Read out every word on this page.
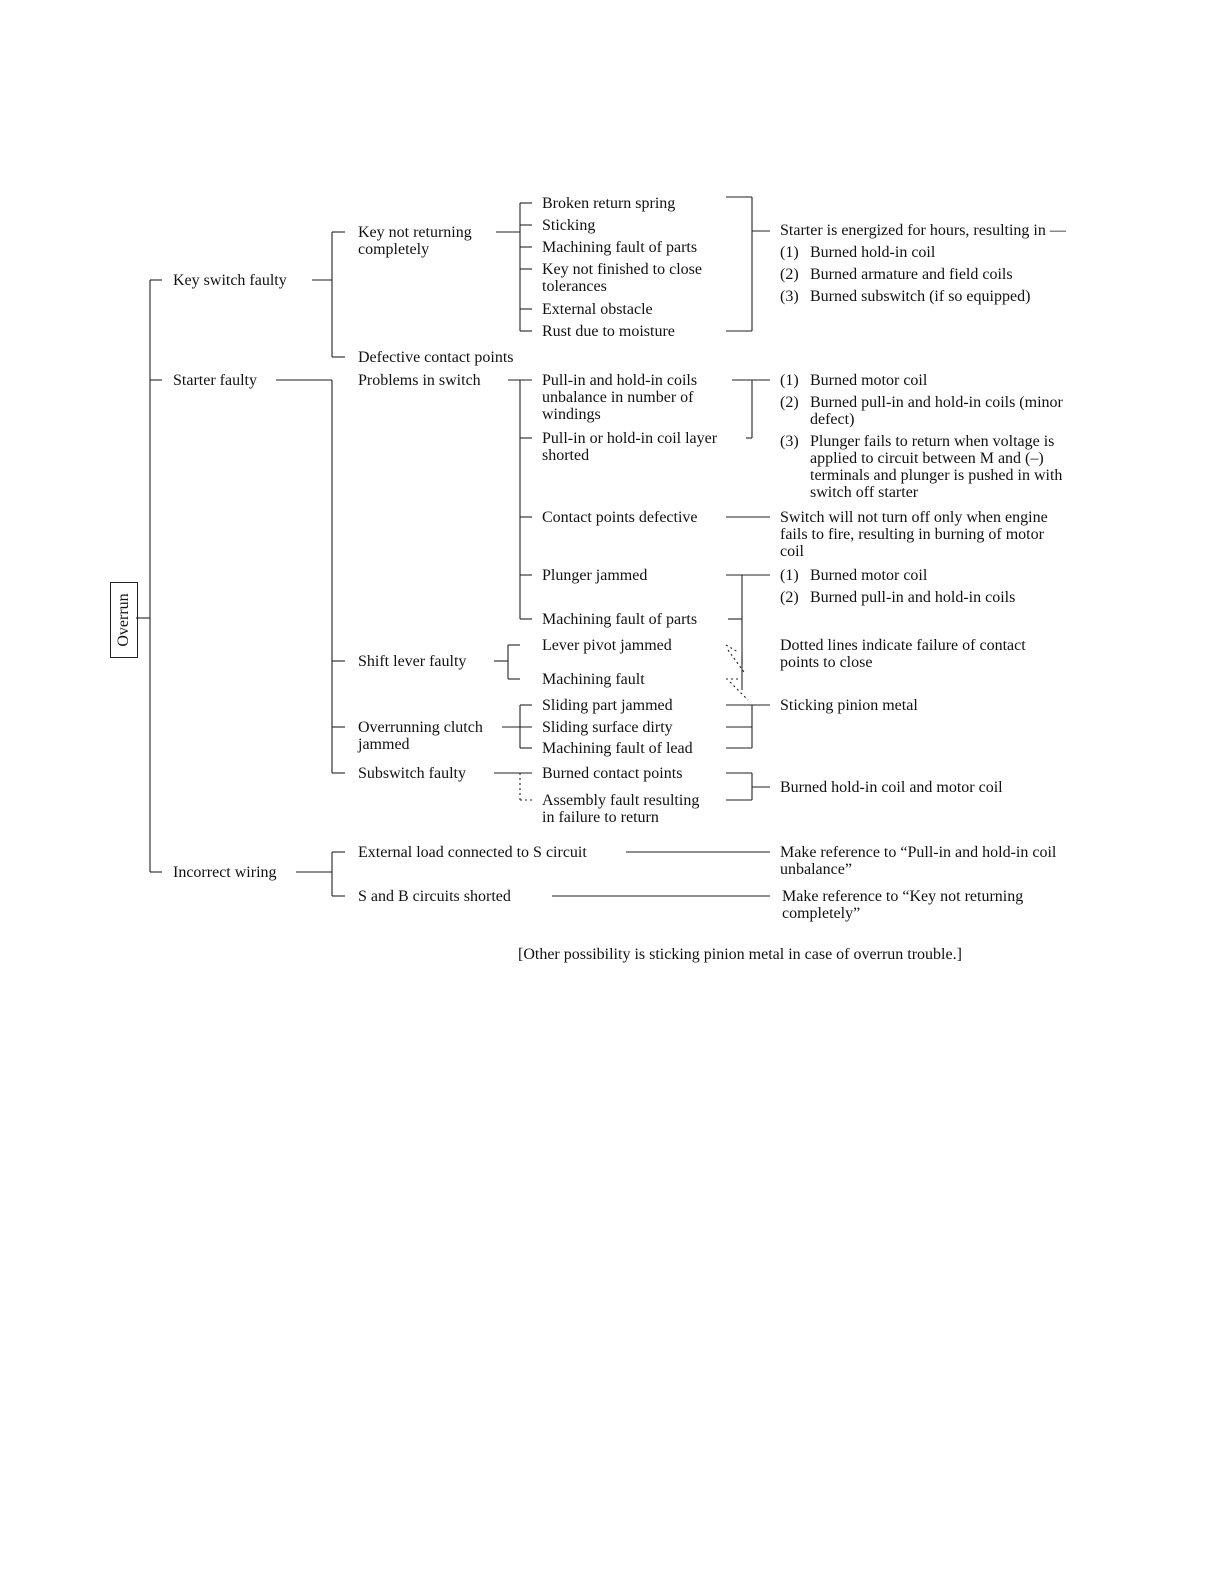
Overrun
Key switch faulty
Starter faulty
Incorrect wiring
Key not returning
completely
Defective contact points
Broken return spring
Sticking
Machining fault of parts
Key not finished to close
tolerances
External obstacle
Rust due to moisture
Starter is energized for hours, resulting in —
(1) Burned hold-in coil
(2) Burned armature and field coils
(3) Burned subswitch (if so equipped)
Problems in switch	Pull-in and hold-in coils
unbalance in number of
windings
Pull-in or hold-in coil layer
shorted
Contact points defective
Plunger jammed
Machining fault of parts
(1) Burned motor coil
(2) Burned pull-in and hold-in coils (minor
defect)
(3) Plunger fails to return when voltage is
applied to circuit between M and (–)
terminals and plunger is pushed in with
switch off starter
Switch will not turn off only when engine
fails to fire, resulting in burning of motor
coil
(1) Burned motor coil
(2) Burned pull-in and hold-in coils
Shift lever faulty
Lever pivot jammed
Machining fault
Dotted lines indicate failure of contact
points to close
Overrunning clutch
jammed
Sliding part jammed
Sliding surface dirty
Machining fault of lead
Sticking pinion metal
Subswitch faulty	Burned contact points
Assembly fault resulting
in failure to return
Burned hold-in coil and motor coil
External load connected to S circuit	Make reference to “Pull-in and hold-in coil
unbalance”
S and B circuits shorted	Make reference to “Key not returning
completely”
[Other possibility is sticking pinion metal in case of overrun trouble.]
